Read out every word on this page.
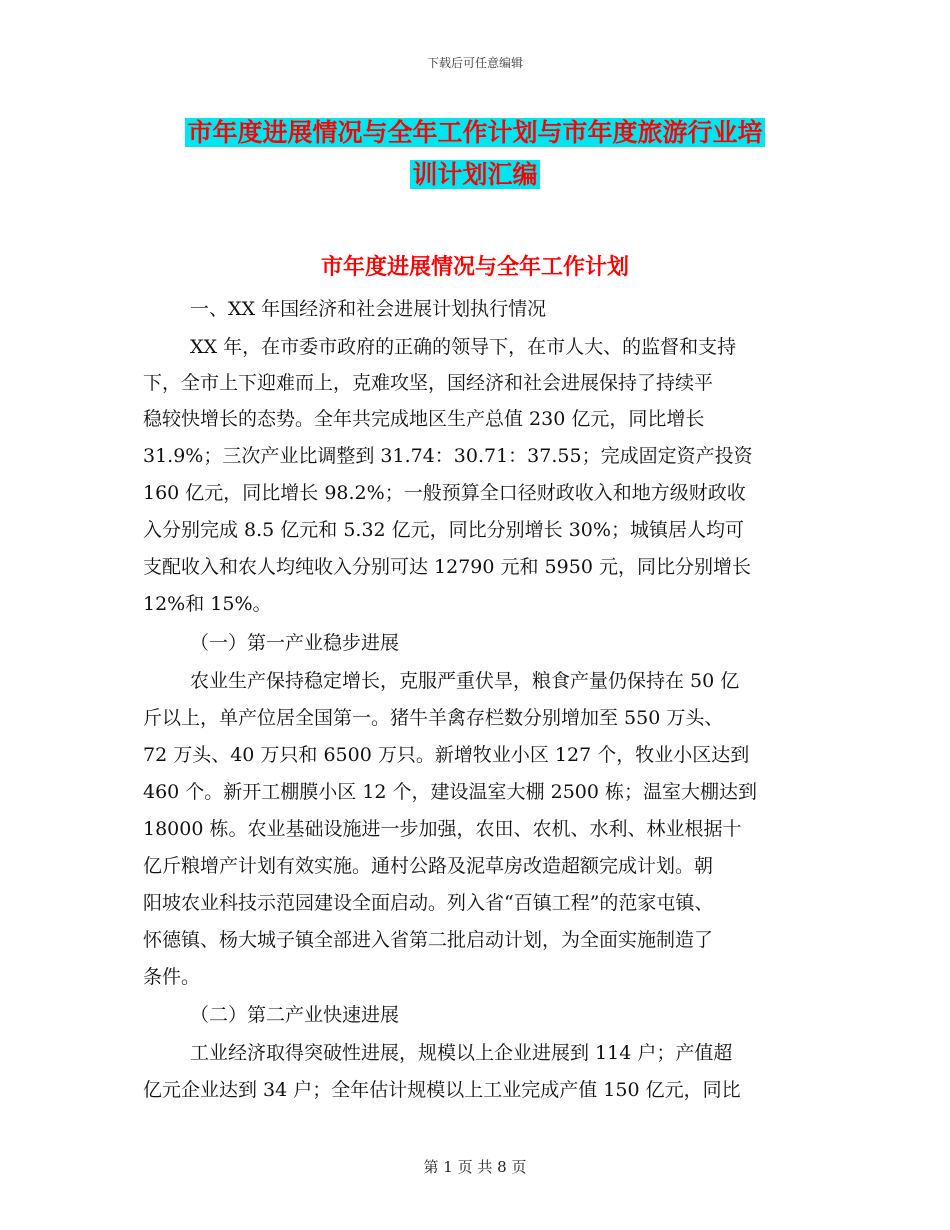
下载后可任意编辑
市年度进展情况与全年工作计划与市年度旅游行业培
训计划汇编
市年度进展情况与全年工作计划
一、XX 年国经济和社会进展计划执行情况
XX 年，在市委市政府的正确的领导下，在市人大、的监督和支持
下，全市上下迎难而上，克难攻坚，国经济和社会进展保持了持续平
稳较快增长的态势。全年共完成地区生产总值 230 亿元，同比增长
31.9%；三次产业比调整到 31.74：30.71：37.55；完成固定资产投资
160 亿元，同比增长 98.2%；一般预算全口径财政收入和地方级财政收
入分别完成 8.5 亿元和 5.32 亿元，同比分别增长 30%；城镇居人均可
支配收入和农人均纯收入分别可达 12790 元和 5950 元，同比分别增长
12%和 15%。
（一）第一产业稳步进展
农业生产保持稳定增长，克服严重伏旱，粮食产量仍保持在 50 亿
斤以上，单产位居全国第一。猪牛羊禽存栏数分别增加至 550 万头、
72 万头、40 万只和 6500 万只。新增牧业小区 127 个，牧业小区达到
460 个。新开工棚膜小区 12 个，建设温室大棚 2500 栋；温室大棚达到
18000 栋。农业基础设施进一步加强，农田、农机、水利、林业根据十
亿斤粮增产计划有效实施。通村公路及泥草房改造超额完成计划。朝
阳坡农业科技示范园建设全面启动。列入省“百镇工程”的范家屯镇、
怀德镇、杨大城子镇全部进入省第二批启动计划，为全面实施制造了
条件。
（二）第二产业快速进展
工业经济取得突破性进展，规模以上企业进展到 114 户；产值超
亿元企业达到 34 户；全年估计规模以上工业完成产值 150 亿元，同比
第 1 页 共 8 页
